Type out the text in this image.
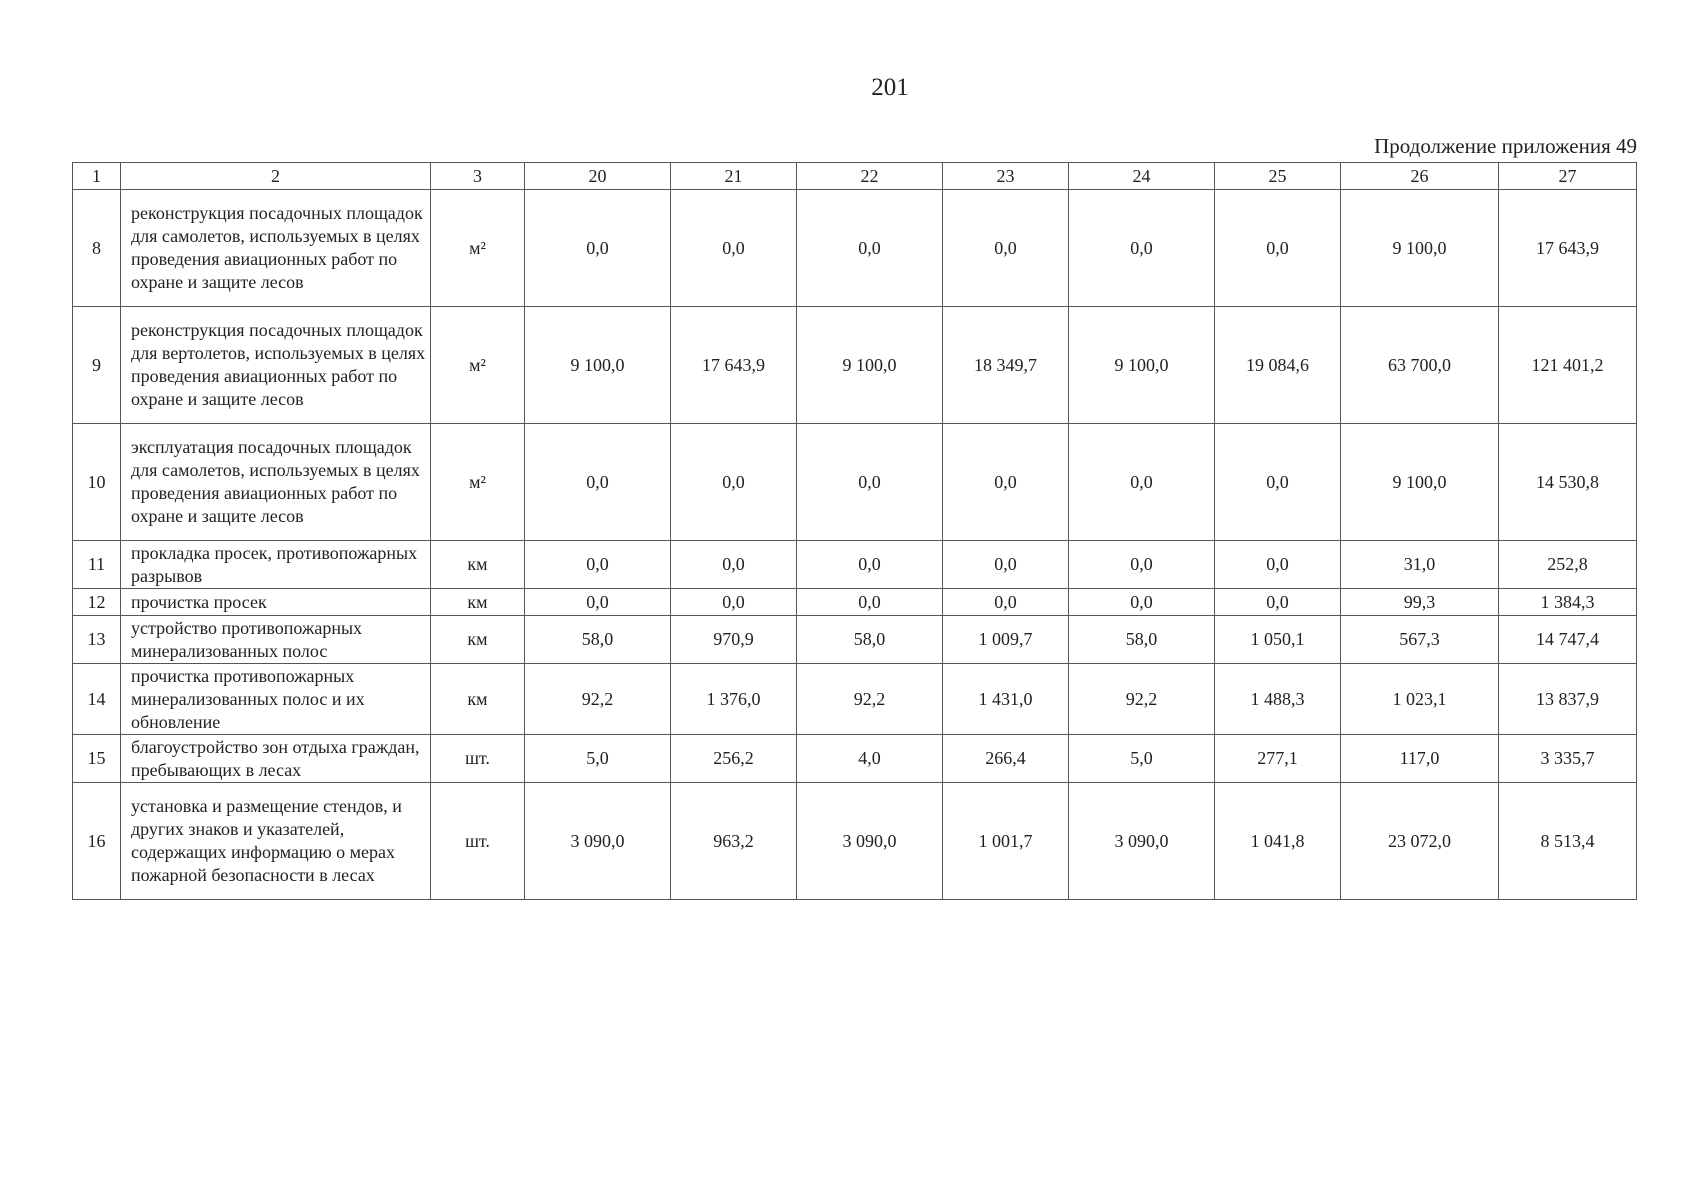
201
Продолжение приложения 49
1	2	3	20	21	22	23	24	25	26	27
8	реконструкция посадочных площадок для самолетов, используемых в целях проведения авиационных работ по охране и защите лесов	м²	0,0	0,0	0,0	0,0	0,0	0,0	9 100,0	17 643,9
9	реконструкция посадочных площадок для вертолетов, используемых в целях проведения авиационных работ по охране и защите лесов	м²	9 100,0	17 643,9	9 100,0	18 349,7	9 100,0	19 084,6	63 700,0	121 401,2
10	эксплуатация посадочных площадок для самолетов, используемых в целях проведения авиационных работ по охране и защите лесов	м²	0,0	0,0	0,0	0,0	0,0	0,0	9 100,0	14 530,8
11	прокладка просек, противопожарных разрывов	км	0,0	0,0	0,0	0,0	0,0	0,0	31,0	252,8
12	прочистка просек	км	0,0	0,0	0,0	0,0	0,0	0,0	99,3	1 384,3
13	устройство противопожарных минерализованных полос	км	58,0	970,9	58,0	1 009,7	58,0	1 050,1	567,3	14 747,4
14	прочистка противопожарных минерализованных полос и их обновление	км	92,2	1 376,0	92,2	1 431,0	92,2	1 488,3	1 023,1	13 837,9
15	благоустройство зон отдыха граждан, пребывающих в лесах	шт.	5,0	256,2	4,0	266,4	5,0	277,1	117,0	3 335,7
16	установка и размещение стендов, и других знаков и указателей, содержащих информацию о мерах пожарной безопасности в лесах	шт.	3 090,0	963,2	3 090,0	1 001,7	3 090,0	1 041,8	23 072,0	8 513,4
